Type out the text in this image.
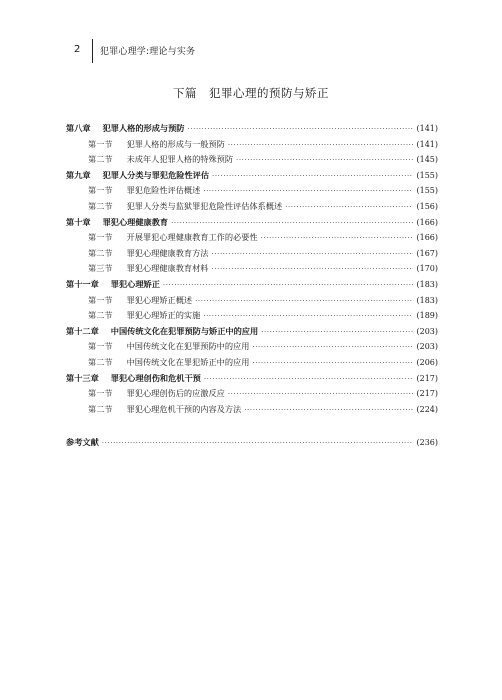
2 犯罪心理学:理论与实务
下篇　犯罪心理的预防与矫正
第八章 犯罪人格的形成与预防 ·····	(141)
第一节 犯罪人格的形成与一般预防 ·····	(141)
第二节 未成年人犯罪人格的特殊预防 ·····	(145)
第九章 犯罪人分类与罪犯危险性评估 ·····	(155)
第一节 罪犯危险性评估概述 ·····	(155)
第二节 犯罪人分类与监狱罪犯危险性评估体系概述 ·····	(156)
第十章 罪犯心理健康教育 ·····	(166)
第一节 开展罪犯心理健康教育工作的必要性 ·····	(166)
第二节 罪犯心理健康教育方法 ·····	(167)
第三节 罪犯心理健康教育材料 ·····	(170)
第十一章 罪犯心理矫正 ·····	(183)
第一节 罪犯心理矫正概述 ·····	(183)
第二节 罪犯心理矫正的实施 ·····	(189)
第十二章 中国传统文化在犯罪预防与矫正中的应用 ·····	(203)
第一节 中国传统文化在犯罪预防中的应用 ·····	(203)
第二节 中国传统文化在罪犯矫正中的应用 ·····	(206)
第十三章 罪犯心理创伤和危机干预 ·····	(217)
第一节 罪犯心理创伤后的应激反应 ·····	(217)
第二节 罪犯心理危机干预的内容及方法 ·····	(224)
参考文献 ·····	(236)
